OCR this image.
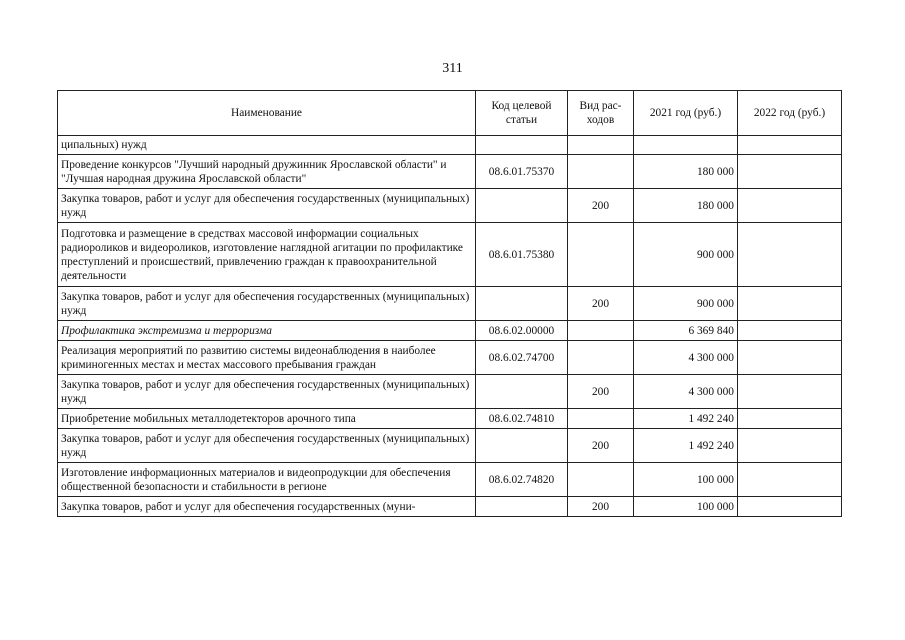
311
Наименование	Код целевой статьи	Вид рас-ходов	2021 год (руб.)	2022 год (руб.)
ципальных) нужд				
Проведение конкурсов "Лучший народный дружинник Ярославской области" и "Лучшая народная дружина Ярославской области"	08.6.01.75370		180 000	
Закупка товаров, работ и услуг для обеспечения государственных (муниципальных) нужд		200	180 000	
Подготовка и размещение в средствах массовой информации социальных радиороликов и видеороликов, изготовление наглядной агитации по профилактике преступлений и происшествий, привлечению граждан к правоохранительной деятельности	08.6.01.75380		900 000	
Закупка товаров, работ и услуг для обеспечения государственных (муниципальных) нужд		200	900 000	
Профилактика экстремизма и терроризма	08.6.02.00000		6 369 840	
Реализация мероприятий по развитию системы видеонаблюдения в наиболее криминогенных местах и местах массового пребывания граждан	08.6.02.74700		4 300 000	
Закупка товаров, работ и услуг для обеспечения государственных (муниципальных) нужд		200	4 300 000	
Приобретение мобильных металлодетекторов арочного типа	08.6.02.74810		1 492 240	
Закупка товаров, работ и услуг для обеспечения государственных (муниципальных) нужд		200	1 492 240	
Изготовление информационных материалов и видеопродукции для обеспечения общественной безопасности и стабильности в регионе	08.6.02.74820		100 000	
Закупка товаров, работ и услуг для обеспечения государственных (муни-		200	100 000	
